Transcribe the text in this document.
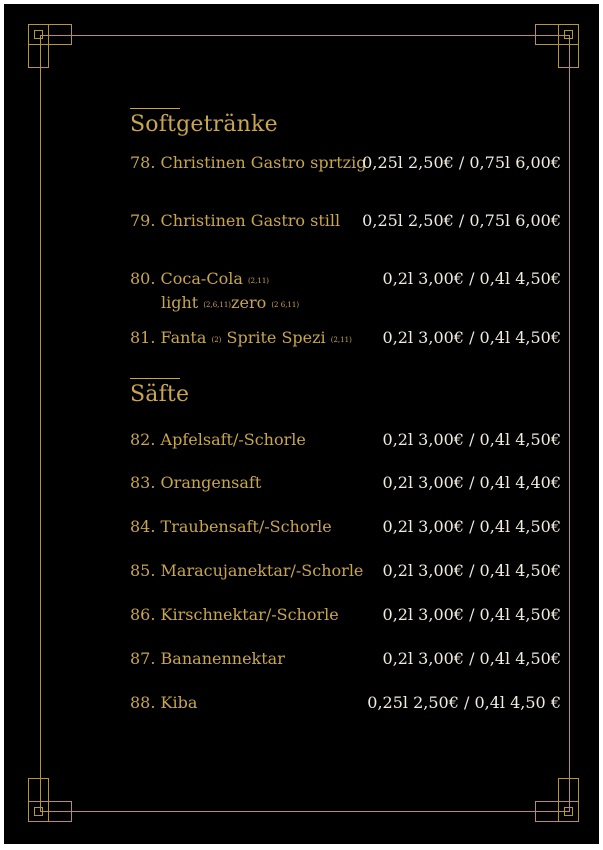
Softgetränke
78. Christinen Gastro sprtzig
0,25l 2,50€ / 0,75l 6,00€
79. Christinen Gastro still 0,25l 2,50€ / 0,75l 6,00€
80. Coca-Cola (2,11)
light (2,6,11)zero (2 6,11)
0,2l 3,00€ / 0,4l 4,50€
81. Fanta (2) Sprite Spezi (2,11) 0,2l 3,00€ / 0,4l 4,50€
Säfte
82. Apfelsaft/-Schorle	0,2l 3,00€ / 0,4l 4,50€
83. Orangensaft	0,2l 3,00€ / 0,4l 4,40€
84. Traubensaft/-Schorle	0,2l 3,00€ / 0,4l 4,50€
85. Maracujanektar/-Schorle 0,2l 3,00€ / 0,4l 4,50€
86. Kirschnektar/-Schorle	0,2l 3,00€ / 0,4l 4,50€
87. Bananennektar	0,2l 3,00€ / 0,4l 4,50€
88. Kiba	0,25l 2,50€ / 0,4l 4,50 €
